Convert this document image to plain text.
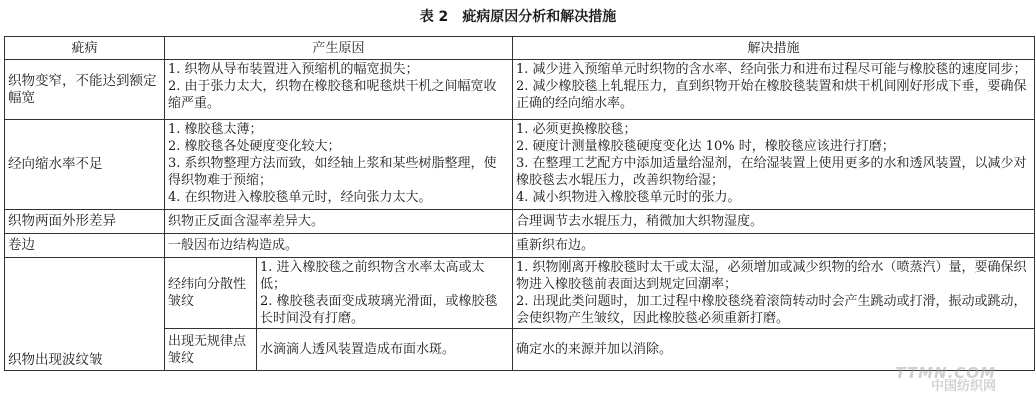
表 2 疵病原因分析和解决措施
疵病	产生原因		解决措施
织物变窄，不能达到额定幅宽	1. 织物从导布装置进入预缩机的幅宽损失；
2. 由于张力太大，织物在橡胶毯和呢毯烘干机之间幅宽收缩严重。		1. 减少进入预缩单元时织物的含水率、经向张力和进布过程尽可能与橡胶毯的速度同步；
2. 减少橡胶毯上轧辊压力，直到织物开始在橡胶毯装置和烘干机间刚好形成下垂，要确保正确的经向缩水率。

经向缩水率不足	1. 橡胶毯太薄；
2. 橡胶毯各处硬度变化较大；
3. 系织物整理方法而致，如经轴上浆和某些树脂整理，使得织物难于预缩；
4. 在织物进入橡胶毯单元时，经向张力太大。		1. 必须更换橡胶毯；
2. 硬度计测量橡胶毯硬度变化达 10% 时，橡胶毯应该进行打磨；
3. 在整理工艺配方中添加适量给湿剂，在给湿装置上使用更多的水和透风装置，以减少对橡胶毯去水辊压力，改善织物给湿；
4. 减小织物进入橡胶毯单元时的张力。

织物两面外形差异	织物正反面含湿率差异大。		合理调节去水辊压力，稍微加大织物湿度。
卷边	一般因布边结构造成。		重新织布边。
织物出现波纹皱	经纬向分散性皱纹	1. 进入橡胶毯之前织物含水率太高或太低；
2. 橡胶毯表面变成玻璃光滑面，或橡胶毯长时间没有打磨。	1. 织物刚离开橡胶毯时太干或太湿，必须增加或减少织物的给水（喷蒸汽）量，要确保织物进入橡胶毯前表面达到规定回潮率；
2. 出现此类问题时，加工过程中橡胶毯绕着滚筒转动时会产生跳动或打滑，振动或跳动，会使织物产生皱纹，因此橡胶毯必须重新打磨。

	出现无规律点皱纹	水滴滴人透风装置造成布面水斑。	确定水的来源并加以消除。
TTMN.COM
中国纺织网
